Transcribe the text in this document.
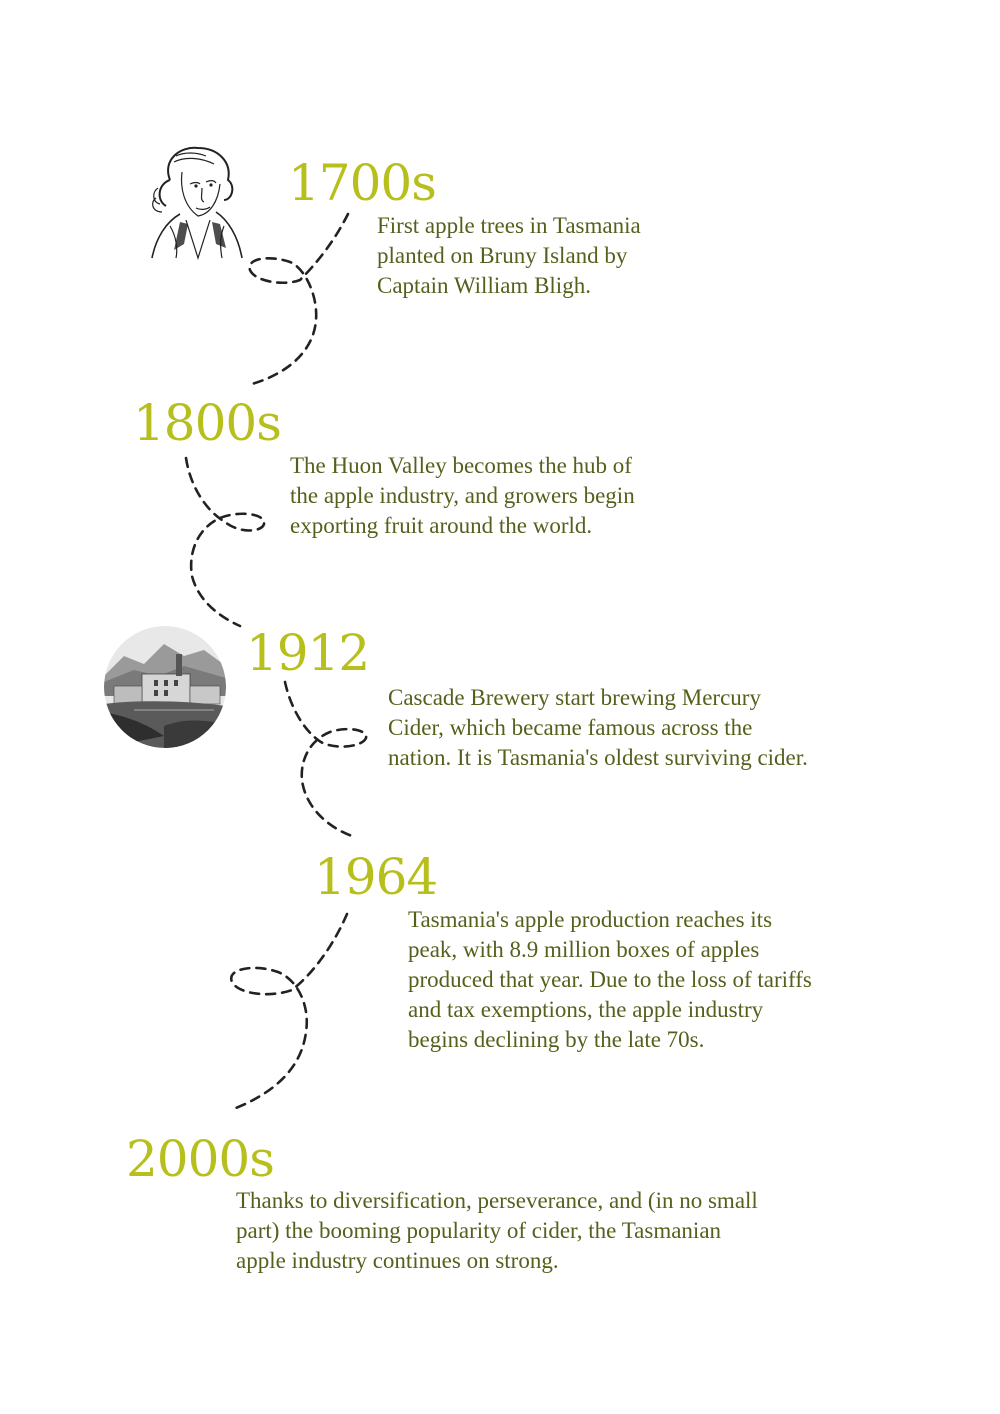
1700s
First apple trees in Tasmania
planted on Bruny Island by
Captain William Bligh.
1800s
The Huon Valley becomes the hub of
the apple industry, and growers begin
exporting fruit around the world.
1912
Cascade Brewery start brewing Mercury
Cider, which became famous across the
nation. It is Tasmania's oldest surviving cider.
1964
Tasmania's apple production reaches its
peak, with 8.9 million boxes of apples
produced that year. Due to the loss of tariffs
and tax exemptions, the apple industry
begins declining by the late 70s.
2000s
Thanks to diversification, perseverance, and (in no small
part) the booming popularity of cider, the Tasmanian
apple industry continues on strong.
